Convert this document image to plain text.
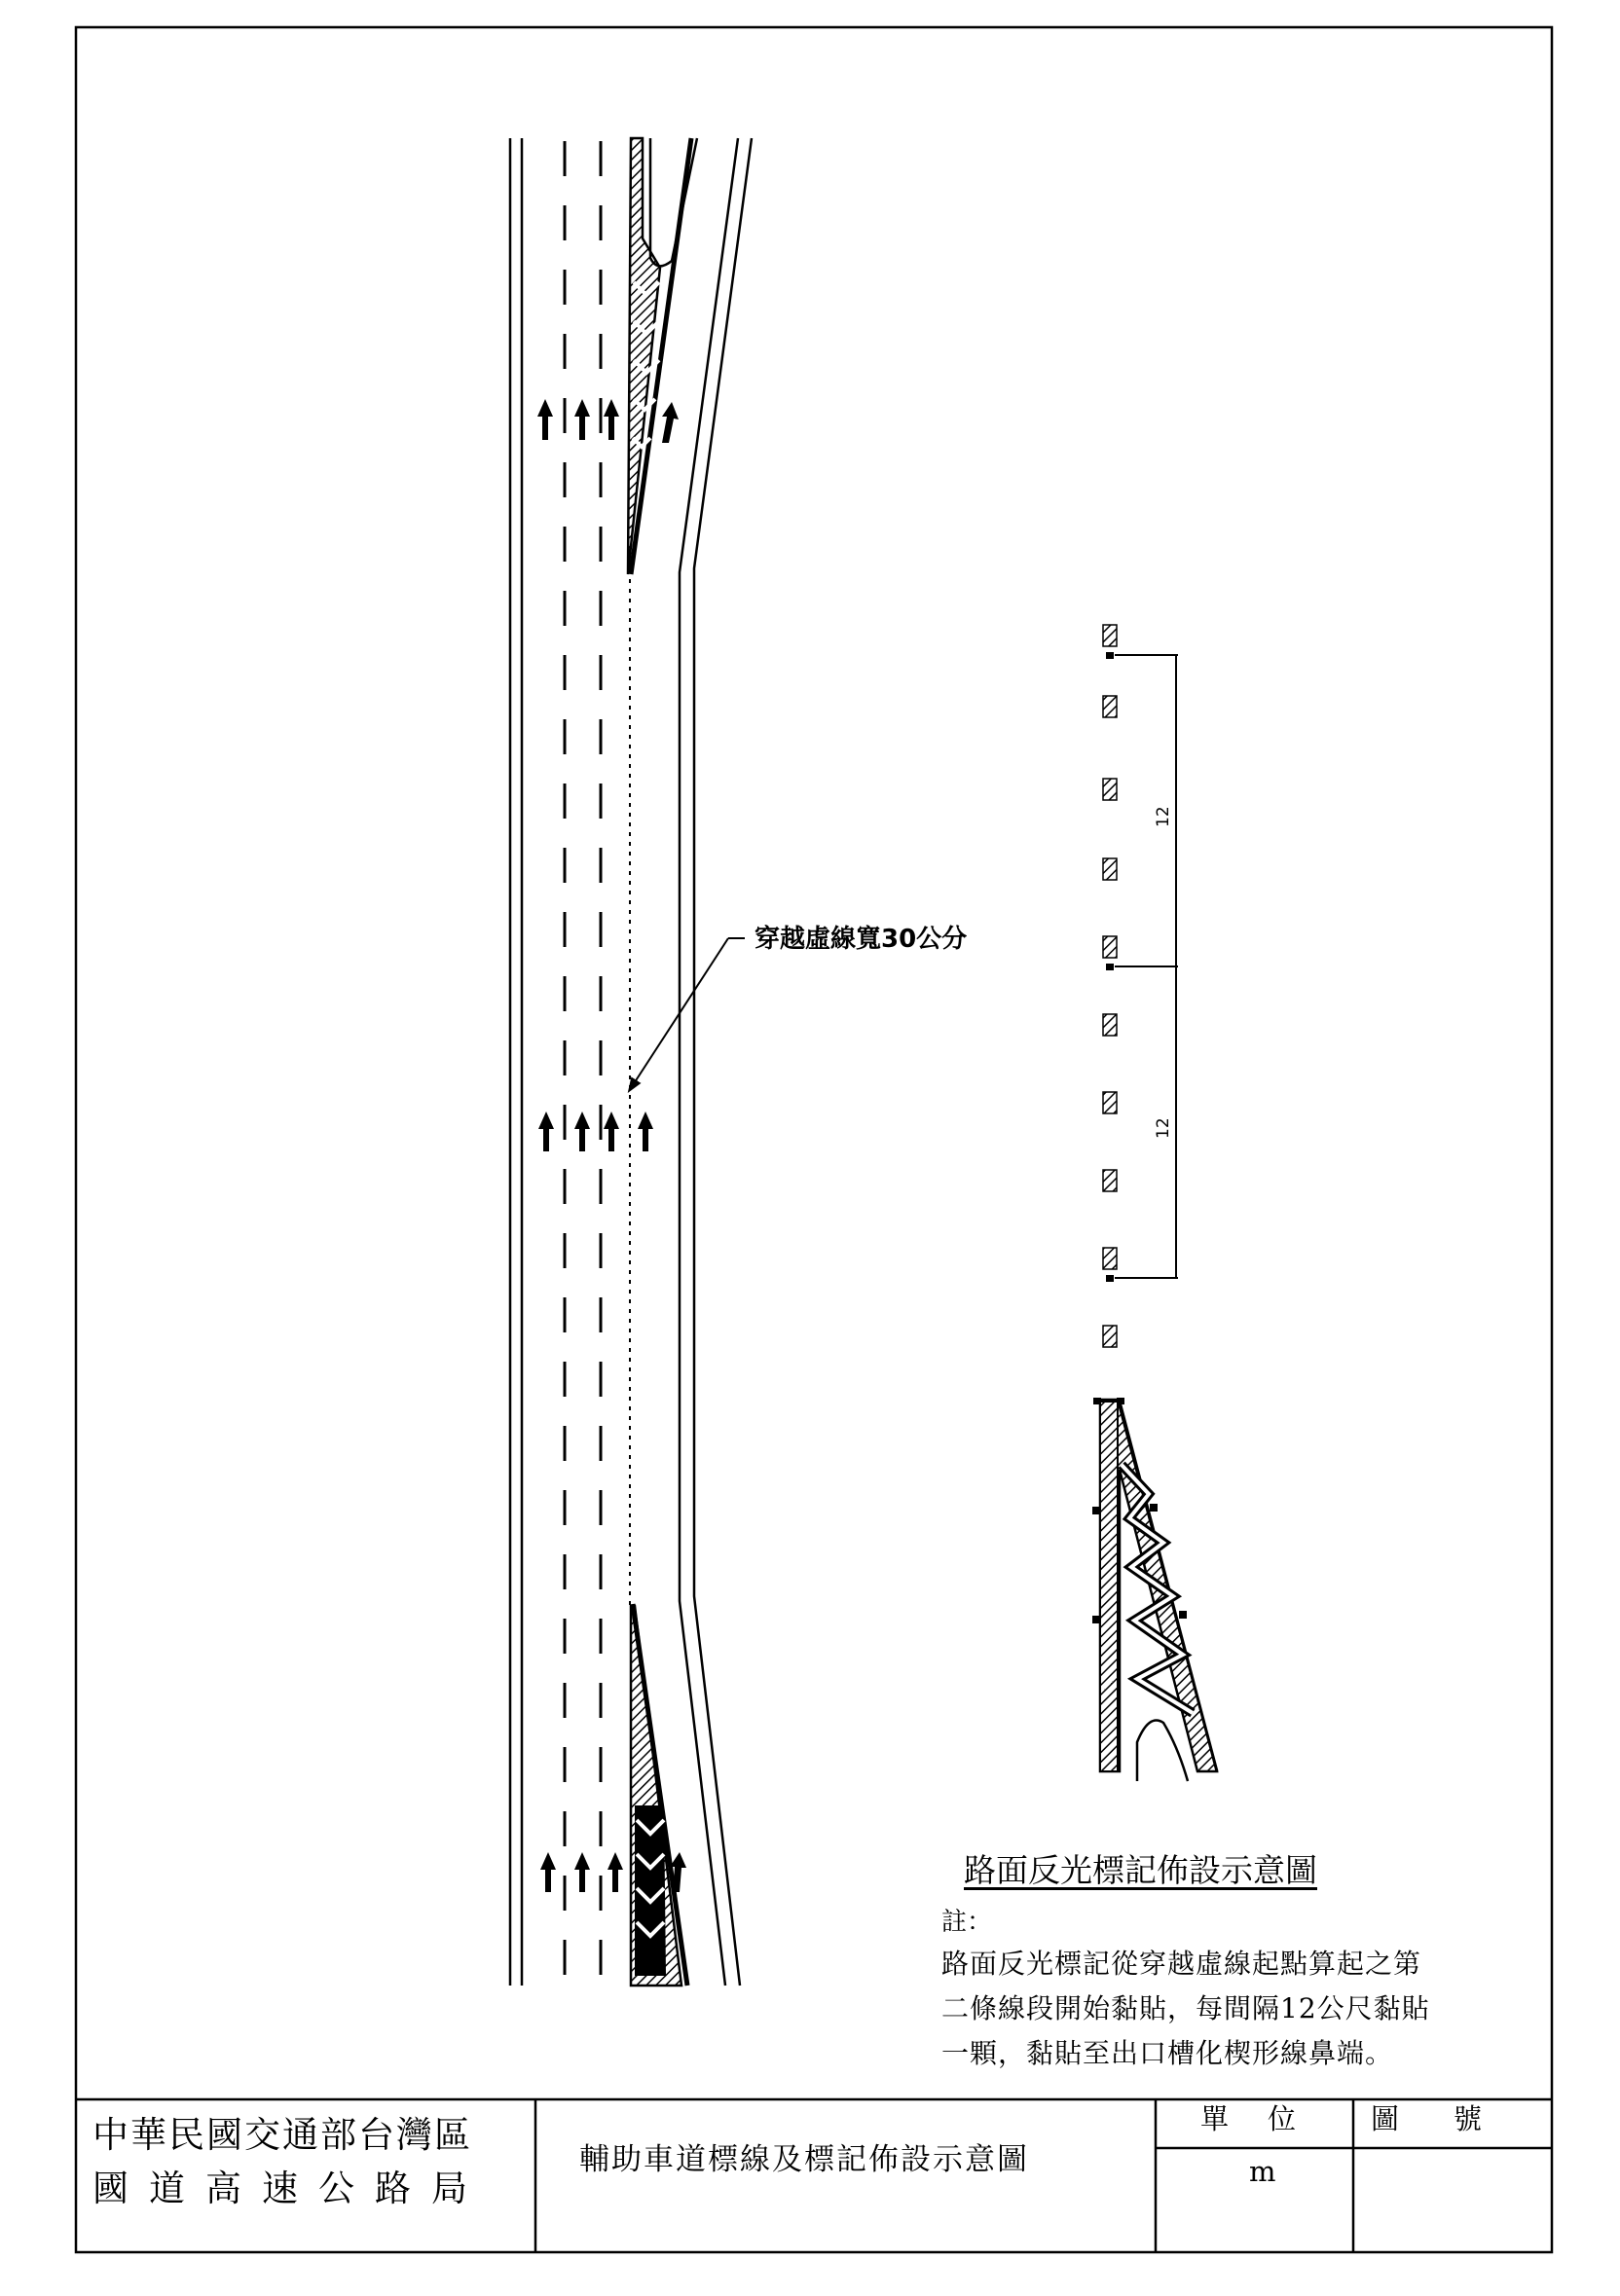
穿越虛線寬30公分
12
12
路面反光標記佈設示意圖
註：
路面反光標記從穿越虛線起點算起之第
二條線段開始黏貼，每間隔12公尺黏貼
一顆，黏貼至出口槽化楔形線鼻端。
中華民國交通部台灣區
國道高速公路局
輔助車道標線及標記佈設示意圖
單位
m
圖號
